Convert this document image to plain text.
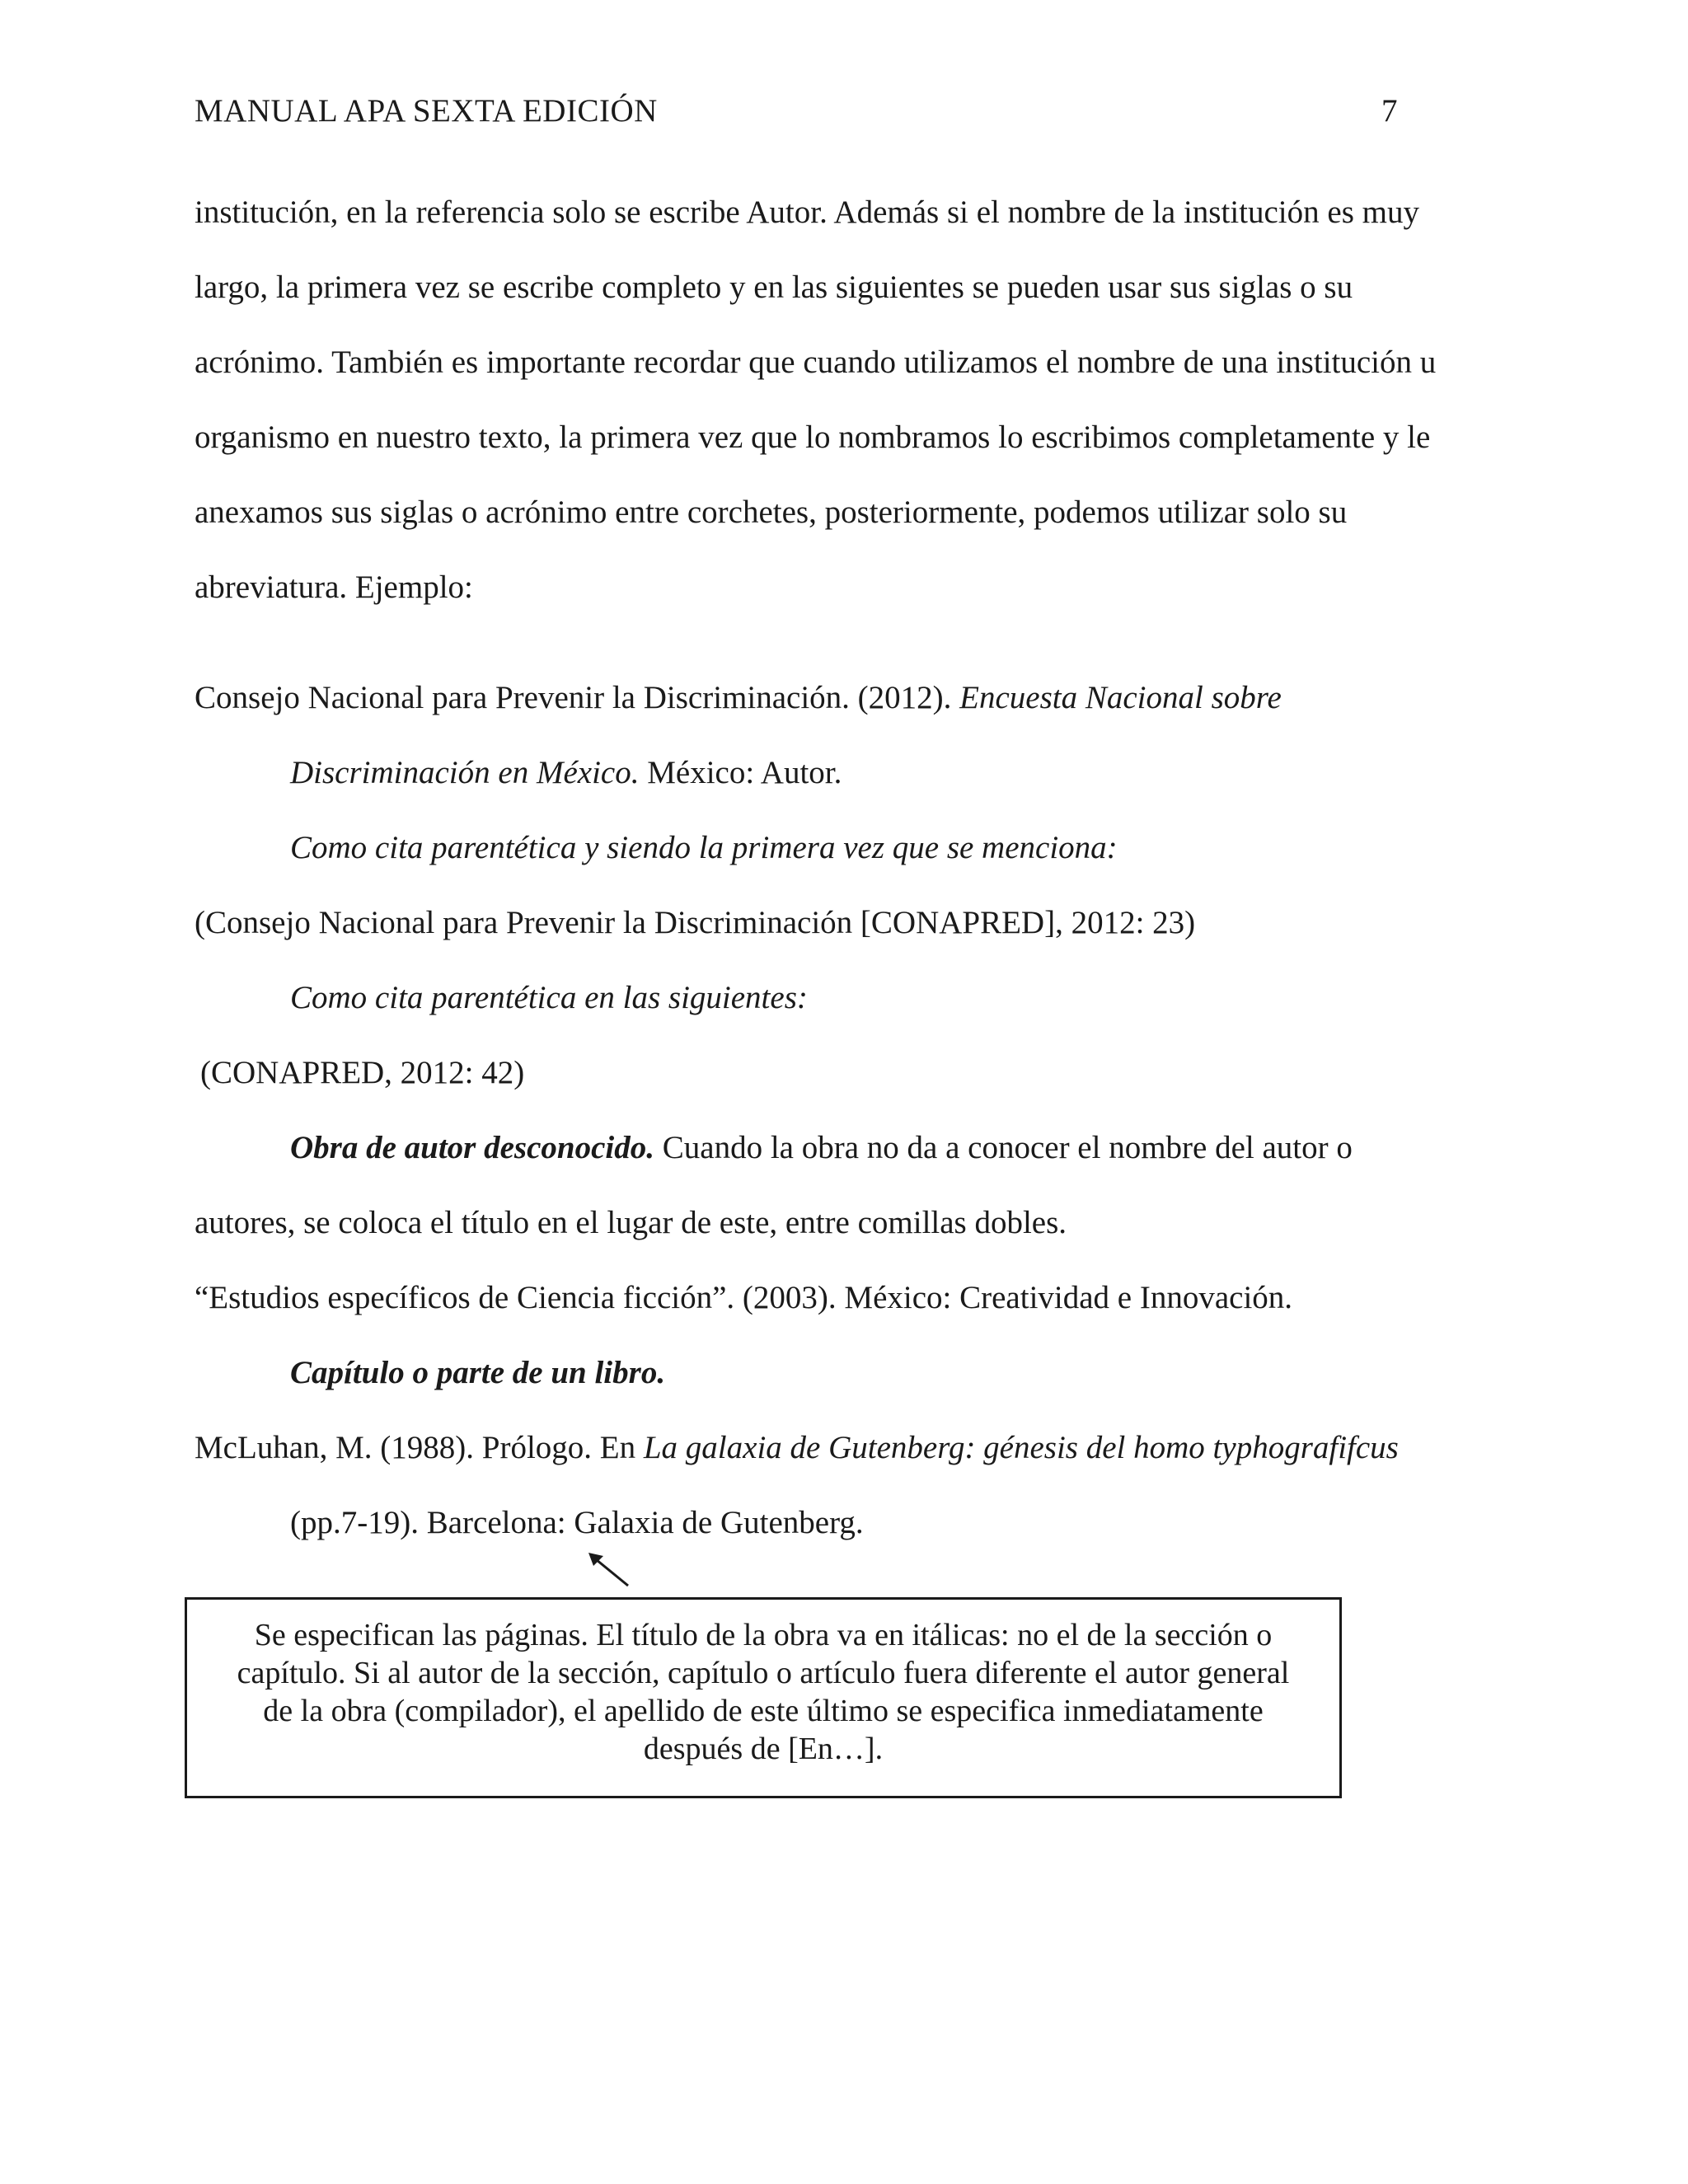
MANUAL APA SEXTA EDICIÓN	7
institución, en la referencia solo se escribe Autor. Además si el nombre de la institución es muy
largo, la primera vez se escribe completo y en las siguientes se pueden usar sus siglas o su
acrónimo. También es importante recordar que cuando utilizamos el nombre de una institución u
organismo en nuestro texto, la primera vez que lo nombramos lo escribimos completamente y le
anexamos sus siglas o acrónimo entre corchetes, posteriormente, podemos utilizar solo su
abreviatura. Ejemplo:
Consejo Nacional para Prevenir la Discriminación. (2012). Encuesta Nacional sobre
Discriminación en México. México: Autor.
Como cita parentética y siendo la primera vez que se menciona:
(Consejo Nacional para Prevenir la Discriminación [CONAPRED], 2012: 23)
Como cita parentética en las siguientes:
(CONAPRED, 2012: 42)
Obra de autor desconocido. Cuando la obra no da a conocer el nombre del autor o
autores, se coloca el título en el lugar de este, entre comillas dobles.
“Estudios específicos de Ciencia ficción”. (2003). México: Creatividad e Innovación.
Capítulo o parte de un libro.
McLuhan, M. (1988). Prólogo. En La galaxia de Gutenberg: génesis del homo typhografifcus
(pp.7-19). Barcelona: Galaxia de Gutenberg.
Se especifican las páginas. El título de la obra va en itálicas: no el de la sección o
capítulo. Si al autor de la sección, capítulo o artículo fuera diferente el autor general
de la obra (compilador), el apellido de este último se especifica inmediatamente
después de [En…].
